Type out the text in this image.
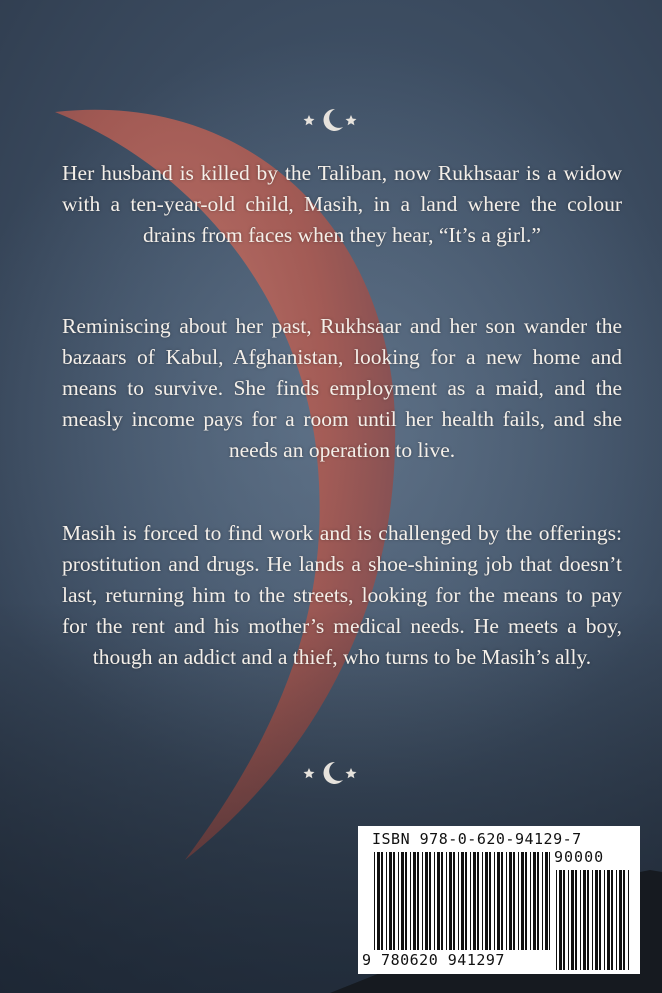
Her husband is killed by the Taliban, now Rukhsaar is a widow with a ten-year-old child, Masih, in a land where the colour drains from faces when they hear, “It’s a girl.”

Reminiscing about her past, Rukhsaar and her son wander the bazaars of Kabul, Afghanistan, looking for a new home and means to survive. She finds employment as a maid, and the measly income pays for a room until her health fails, and she needs an operation to live.

Masih is forced to find work and is challenged by the offerings: prostitution and drugs. He lands a shoe-shining job that doesn’t last, returning him to the streets, looking for the means to pay for the rent and his mother’s medical needs. He meets a boy, though an addict and a thief, who turns to be Masih’s ally.

ISBN 978-0-620-94129-7
90000
9 780620 941297
